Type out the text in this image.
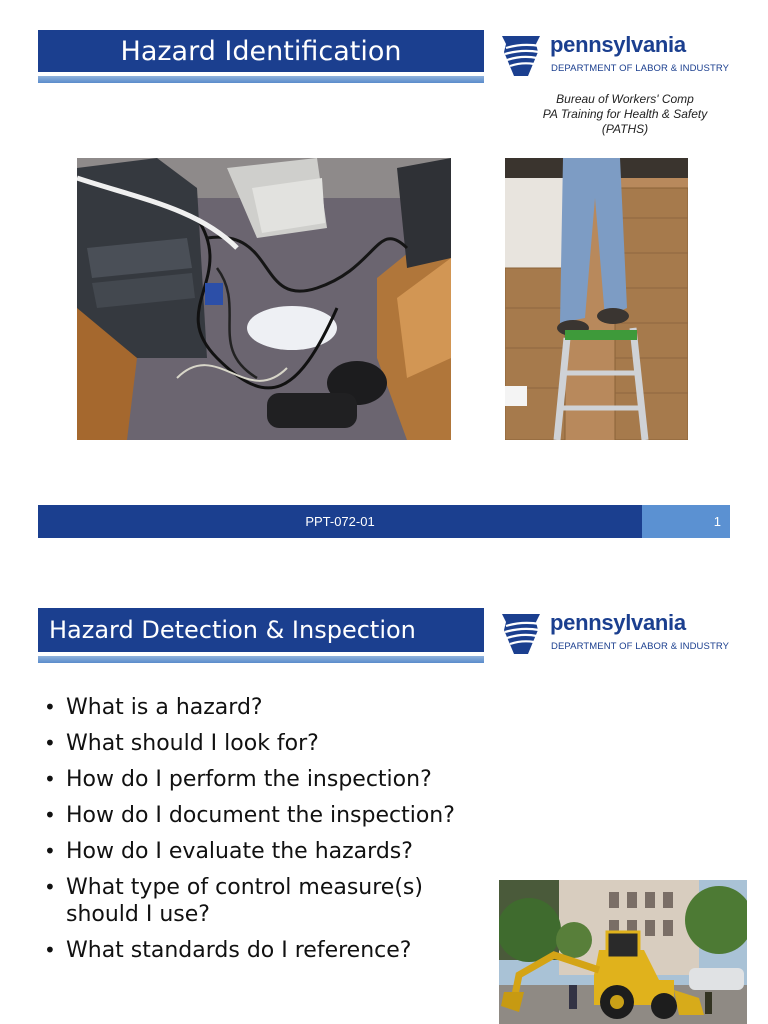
Hazard Identification	pennsylvania
DEPARTMENT OF LABOR & INDUSTRY
Bureau of Workers' Comp
PA Training for Health & Safety
(PATHS)
PPT-072-01	1
Hazard Detection & Inspection	pennsylvania
DEPARTMENT OF LABOR & INDUSTRY
• What is a hazard?
• What should I look for?
• How do I perform the inspection?
• How do I document the inspection?
• How do I evaluate the hazards?
• What type of control measure(s) should I use?
• What standards do I reference?
